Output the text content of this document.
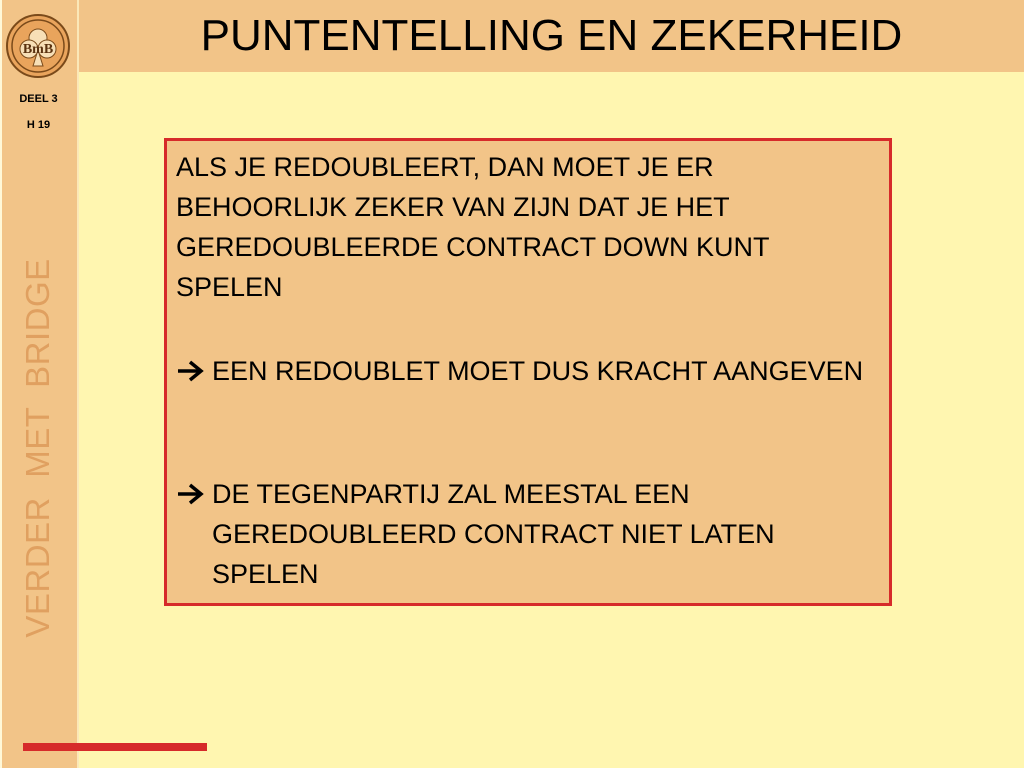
BmB
DEEL 3
H 19
VERDER  MET  BRIDGE
PUNTENTELLING EN ZEKERHEID
ALS JE REDOUBLEERT, DAN MOET JE ER BEHOORLIJK ZEKER VAN ZIJN DAT JE HET GEREDOUBLEERDE CONTRACT DOWN KUNT SPELEN
EEN REDOUBLET MOET DUS KRACHT AANGEVEN
DE TEGENPARTIJ ZAL MEESTAL EEN GEREDOUBLEERD CONTRACT NIET LATEN SPELEN
